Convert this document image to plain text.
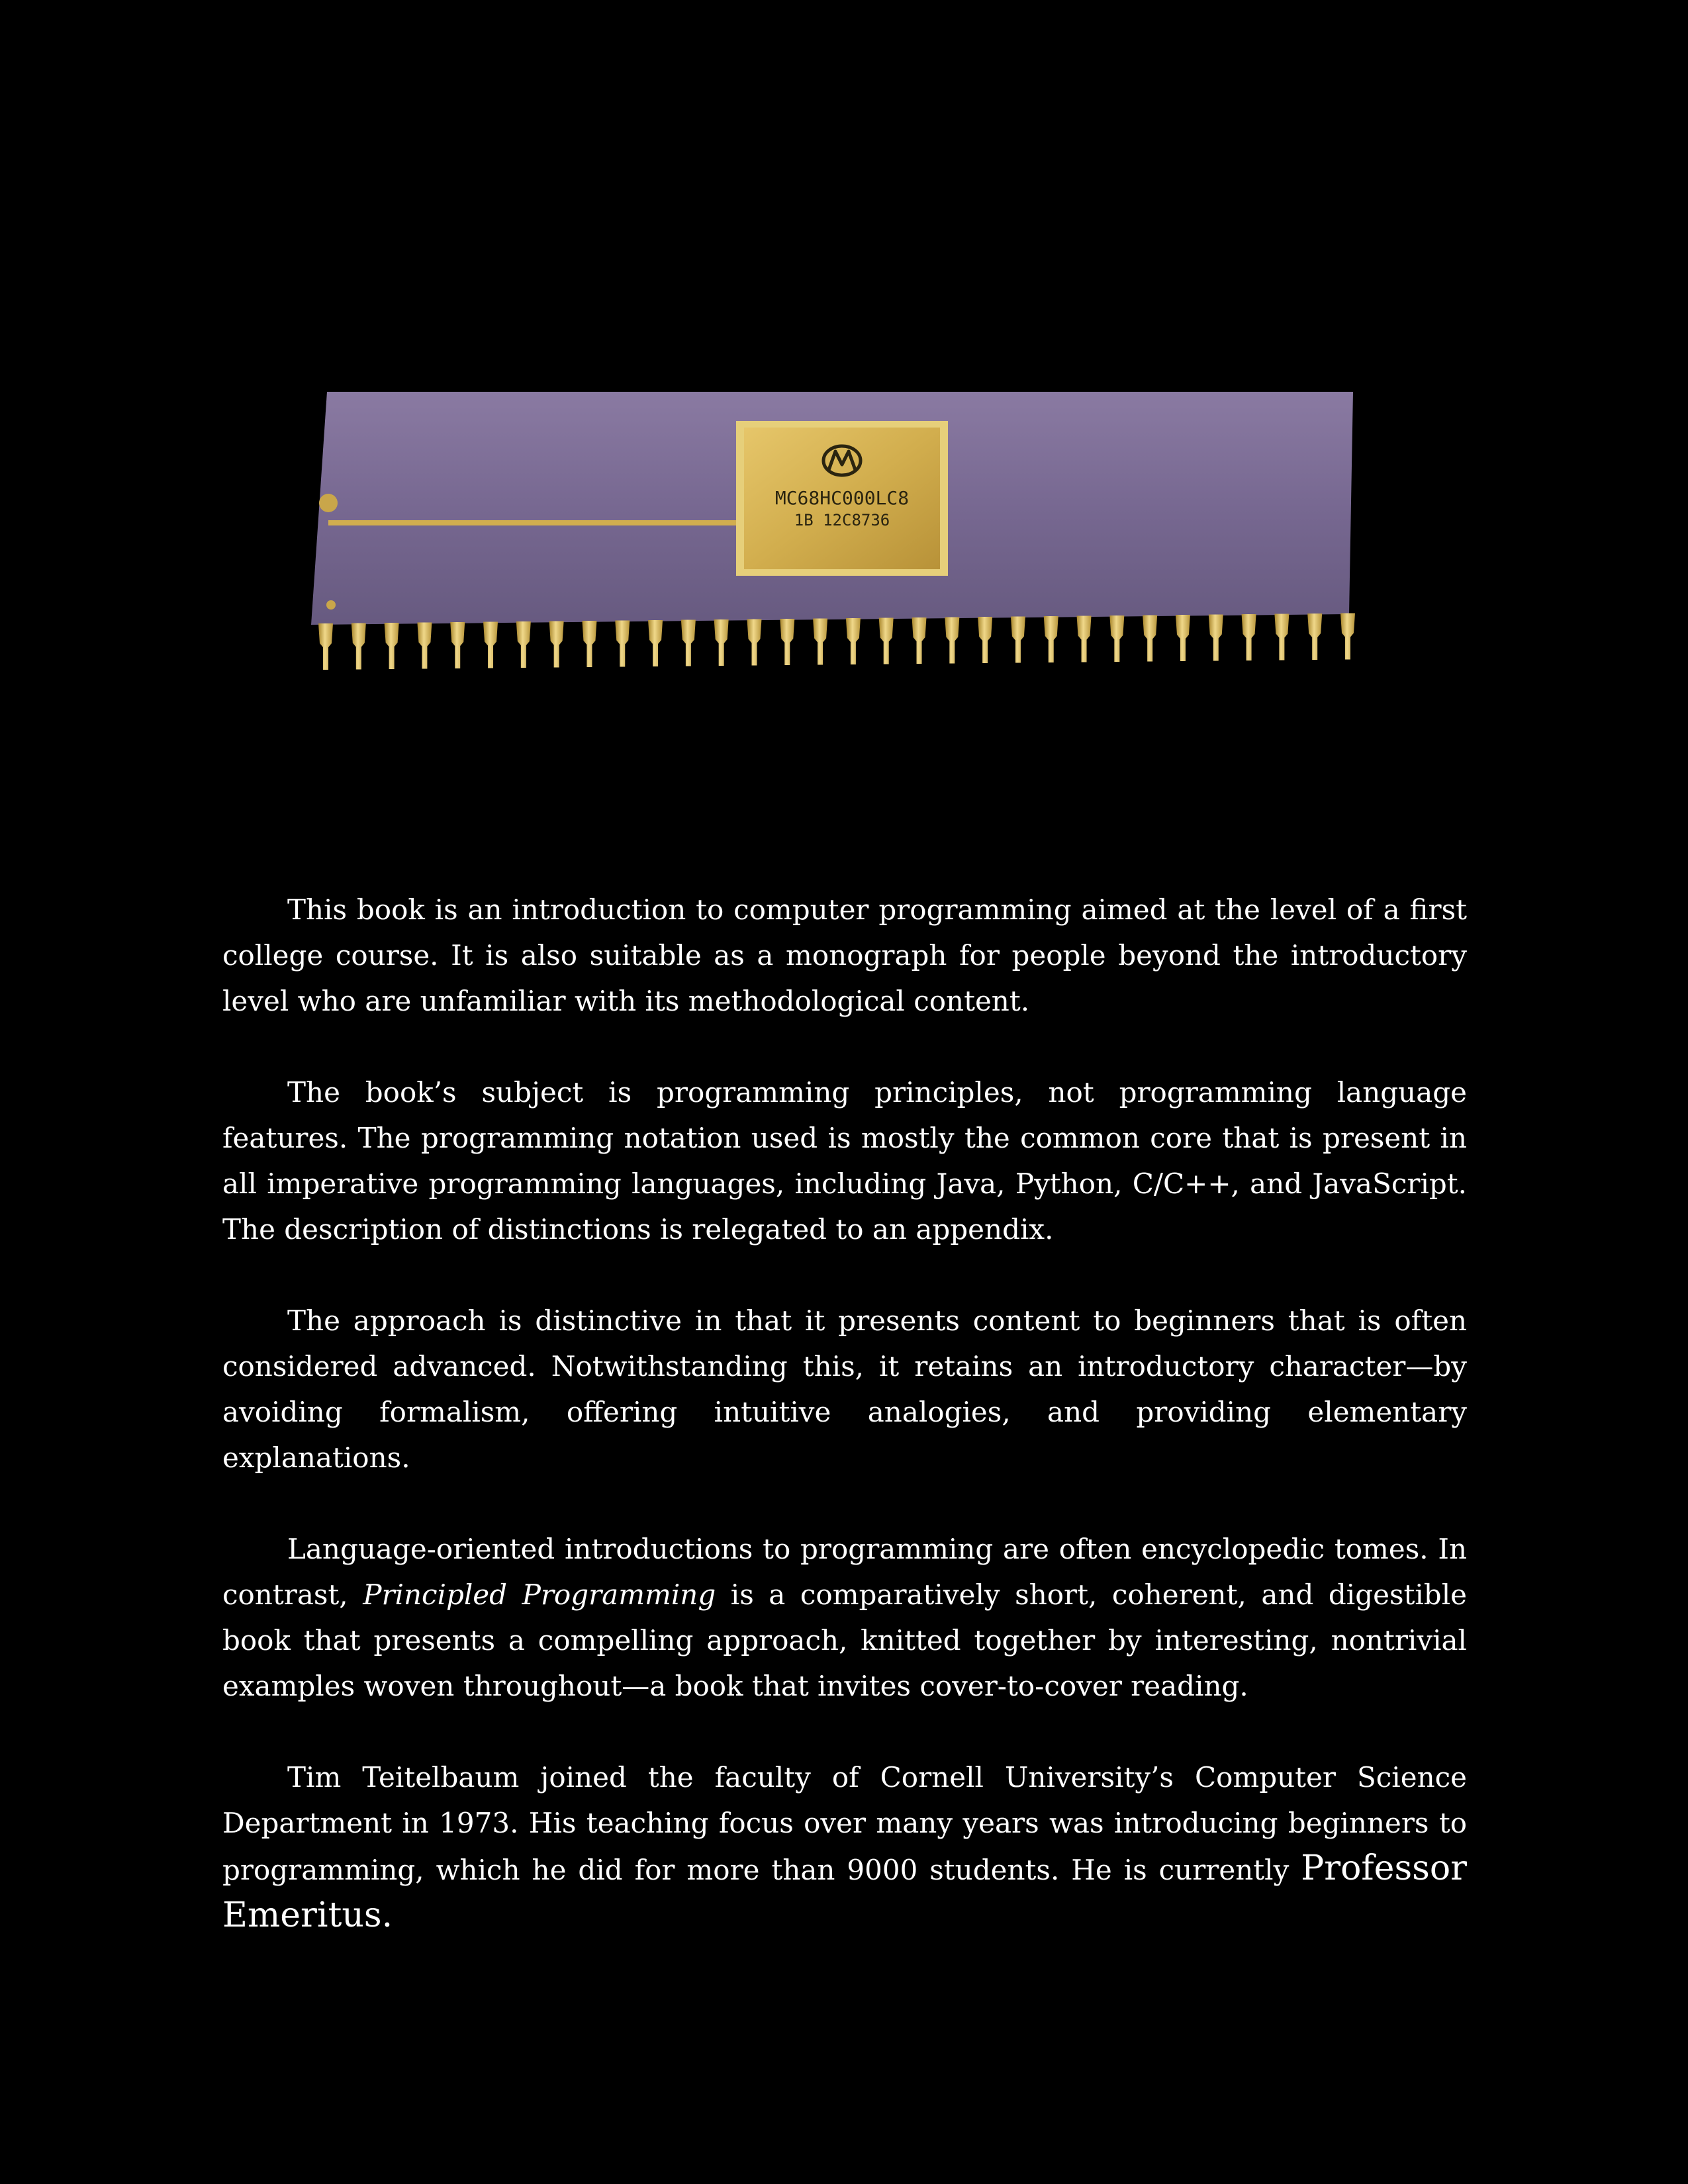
MC68HC000LC8
1B 12C8736

This book is an introduction to computer programming aimed at the level of a first college course. It is also suitable as a monograph for people beyond the introductory level who are unfamiliar with its methodological content.

The book’s subject is programming principles, not programming language features. The programming notation used is mostly the common core that is present in all imperative programming languages, including Java, Python, C/C++, and JavaScript. The description of distinctions is relegated to an appendix.

The approach is distinctive in that it presents content to beginners that is often considered advanced. Notwithstanding this, it retains an introductory character—by avoiding formalism, offering intuitive analogies, and providing elementary explanations.

Language-oriented introductions to programming are often encyclopedic tomes. In contrast, Principled Programming is a comparatively short, coherent, and digestible book that presents a compelling approach, knitted together by interesting, nontrivial examples woven throughout—a book that invites cover-to-cover reading.

Tim Teitelbaum joined the faculty of Cornell University’s Computer Science Department in 1973. His teaching focus over many years was introducing beginners to programming, which he did for more than 9000 students. He is currently Professor Emeritus.
